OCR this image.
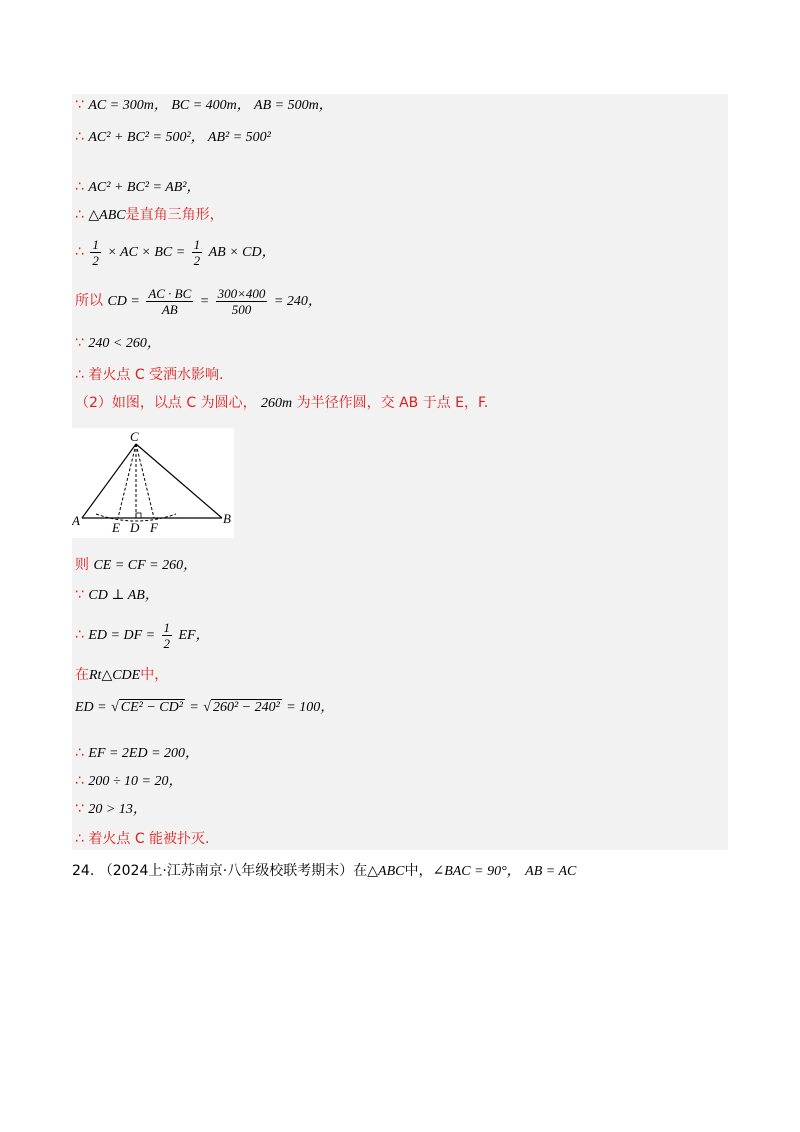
∵ AC = 300m， BC = 400m， AB = 500m，
∴ AC² + BC² = 500²， AB² = 500²
∴ AC² + BC² = AB²，
∴ △ABC是直角三角形，
∴ $\frac{1}{2}$ × AC × BC = $\frac{1}{2}$ AB × CD，
所以 CD = $\frac{AC \cdot BC}{AB} = \frac{300\times 400}{500} = 240$，
∵ 240 < 260，
∴ 着火点 C 受洒水影响.
（2）如图，以点 C 为圆心， 260m 为半径作圆，交 AB 于点 E，F.
C
A	B
E D F
则 CE = CF = 260，
∵ CD ⊥ AB，
∴ ED = DF = $\frac{1}{2}$ EF，
在Rt△CDE中，
ED = √ CE² − CD² = √ 260² − 240² = 100，
∴ EF = 2ED = 200，
∴ 200 ÷ 10 = 20，
∵ 20 > 13，
∴ 着火点 C 能被扑灭.
24. （2024上·江苏南京·八年级校联考期末）在△ABC中，∠BAC = 90°， AB = AC
